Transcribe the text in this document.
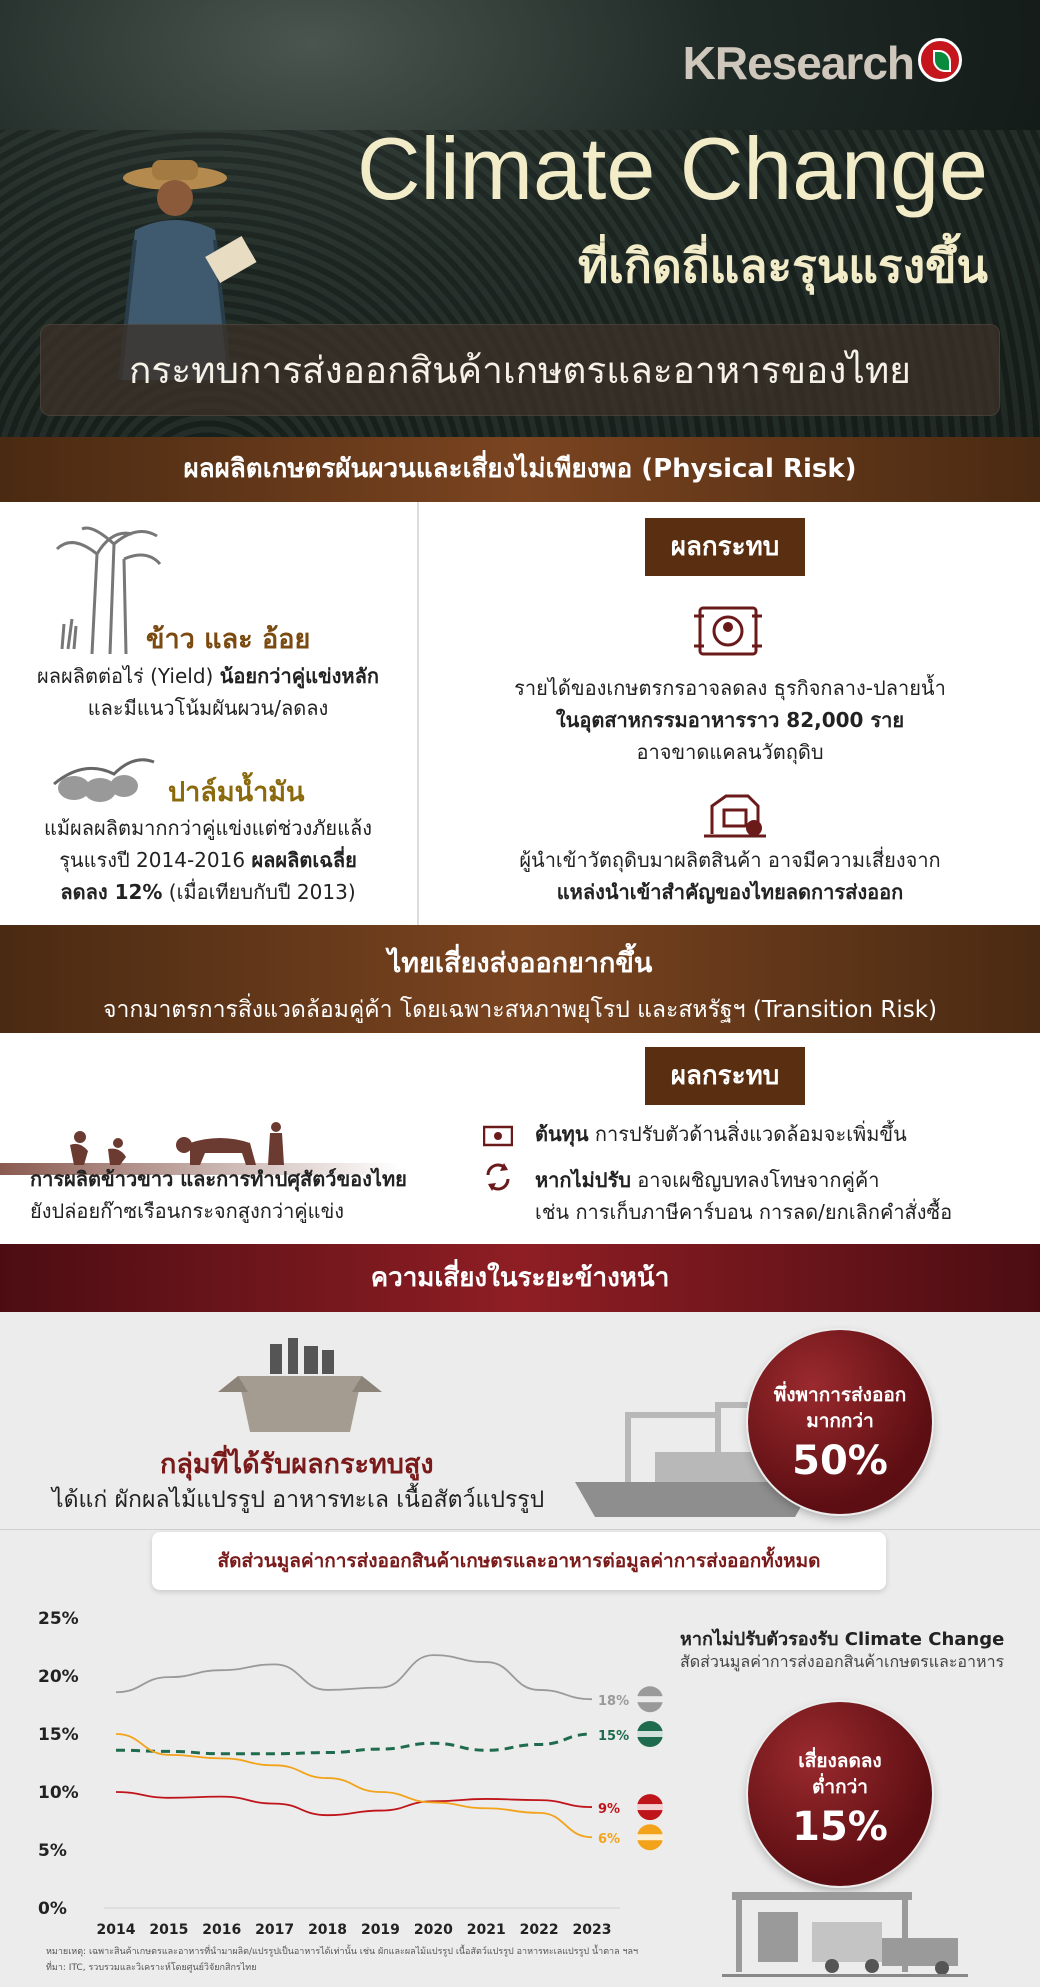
KResearch
Climate Change
ที่เกิดถี่และรุนแรงขึ้น
กระทบการส่งออกสินค้าเกษตรและอาหารของไทย
ผลผลิตเกษตรผันผวนและเสี่ยงไม่เพียงพอ (Physical Risk)
ข้าว และ อ้อย
ผลผลิตต่อไร่ (Yield) น้อยกว่าคู่แข่งหลัก
และมีแนวโน้มผันผวน/ลดลง
ปาล์มน้ำมัน
แม้ผลผลิตมากกว่าคู่แข่งแต่ช่วงภัยแล้ง
รุนแรงปี 2014-2016 ผลผลิตเฉลี่ย
ลดลง 12% (เมื่อเทียบกับปี 2013)
ผลกระทบ
รายได้ของเกษตรกรอาจลดลง ธุรกิจกลาง-ปลายน้ำ
ในอุตสาหกรรมอาหารราว 82,000 ราย
อาจขาดแคลนวัตถุดิบ
ผู้นำเข้าวัตถุดิบมาผลิตสินค้า อาจมีความเสี่ยงจาก
แหล่งนำเข้าสำคัญของไทยลดการส่งออก
ไทยเสี่ยงส่งออกยากขึ้น
จากมาตรการสิ่งแวดล้อมคู่ค้า โดยเฉพาะสหภาพยุโรป และสหรัฐฯ (Transition Risk)
การผลิตข้าวขาว และการทำปศุสัตว์ของไทย
ยังปล่อยก๊าซเรือนกระจกสูงกว่าคู่แข่ง
ผลกระทบ
ต้นทุน การปรับตัวด้านสิ่งแวดล้อมจะเพิ่มขึ้น
หากไม่ปรับ อาจเผชิญบทลงโทษจากคู่ค้า
เช่น การเก็บภาษีคาร์บอน การลด/ยกเลิกคำสั่งซื้อ
ความเสี่ยงในระยะข้างหน้า
กลุ่มที่ได้รับผลกระทบสูง
ได้แก่ ผักผลไม้แปรรูป อาหารทะเล เนื้อสัตว์แปรรูป
พึ่งพาการส่งออก
มากกว่า
50%
สัดส่วนมูลค่าการส่งออกสินค้าเกษตรและอาหารต่อมูลค่าการส่งออกทั้งหมด
0%
5%
10%
15%
20%
25%
2014 2015 2016 2017 2018 2019 2020 2021 2022 2023
18%
15%
9%
6%
หากไม่ปรับตัวรองรับ Climate Change
สัดส่วนมูลค่าการส่งออกสินค้าเกษตรและอาหาร
เสี่ยงลดลง
ต่ำกว่า
15%
หมายเหตุ: เฉพาะสินค้าเกษตรและอาหารที่นำมาผลิต/แปรรูปเป็นอาหารได้เท่านั้น เช่น ผักและผลไม้แปรรูป เนื้อสัตว์แปรรูป อาหารทะเลแปรรูป น้ำตาล ฯลฯ
ที่มา: ITC, รวบรวมและวิเคราะห์โดยศูนย์วิจัยกสิกรไทย
